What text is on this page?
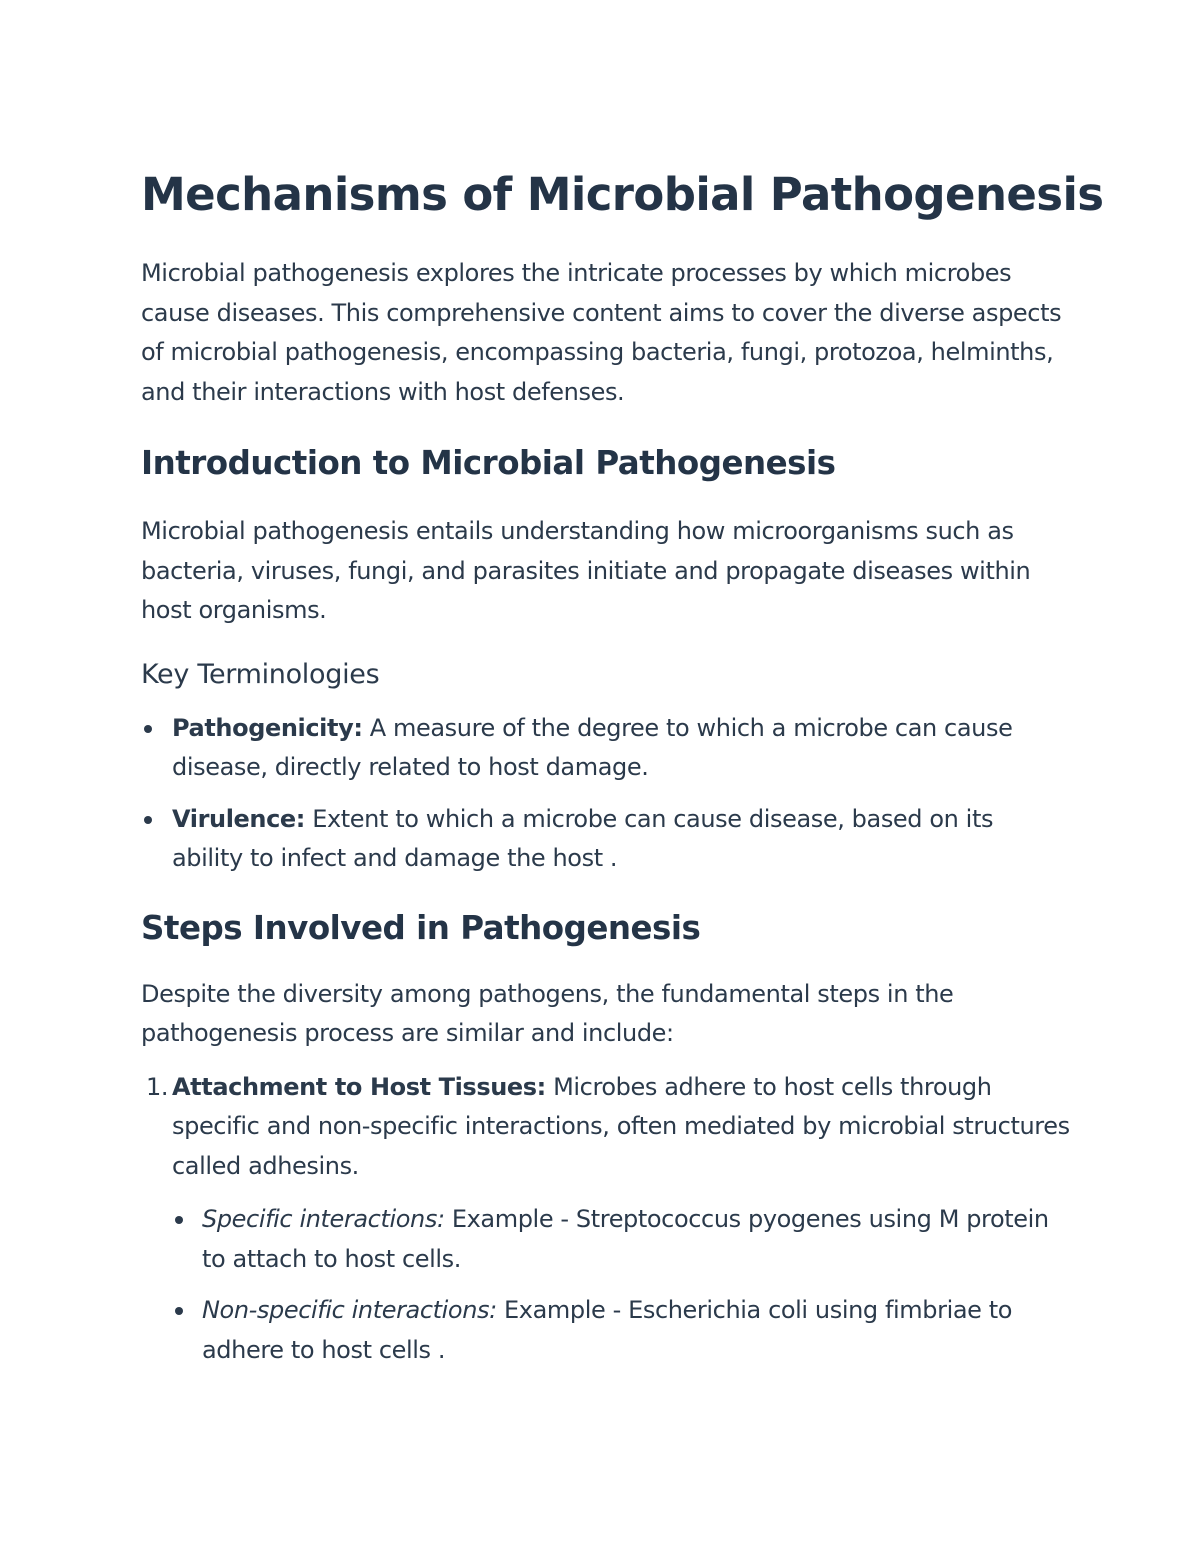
Mechanisms of Microbial Pathogenesis

Microbial pathogenesis explores the intricate processes by which microbes cause diseases. This comprehensive content aims to cover the diverse aspects of microbial pathogenesis, encompassing bacteria, fungi, protozoa, helminths, and their interactions with host defenses.

Introduction to Microbial Pathogenesis

Microbial pathogenesis entails understanding how microorganisms such as bacteria, viruses, fungi, and parasites initiate and propagate diseases within host organisms.

Key Terminologies
Pathogenicity: A measure of the degree to which a microbe can cause disease, directly related to host damage.
Virulence: Extent to which a microbe can cause disease, based on its ability to infect and damage the host .
Steps Involved in Pathogenesis

Despite the diversity among pathogens, the fundamental steps in the pathogenesis process are similar and include:

1. Attachment to Host Tissues: Microbes adhere to host cells through specific and non-specific interactions, often mediated by microbial structures called adhesins.
Specific interactions: Example - Streptococcus pyogenes using M protein to attach to host cells.
Non-specific interactions: Example - Escherichia coli using fimbriae to adhere to host cells .
